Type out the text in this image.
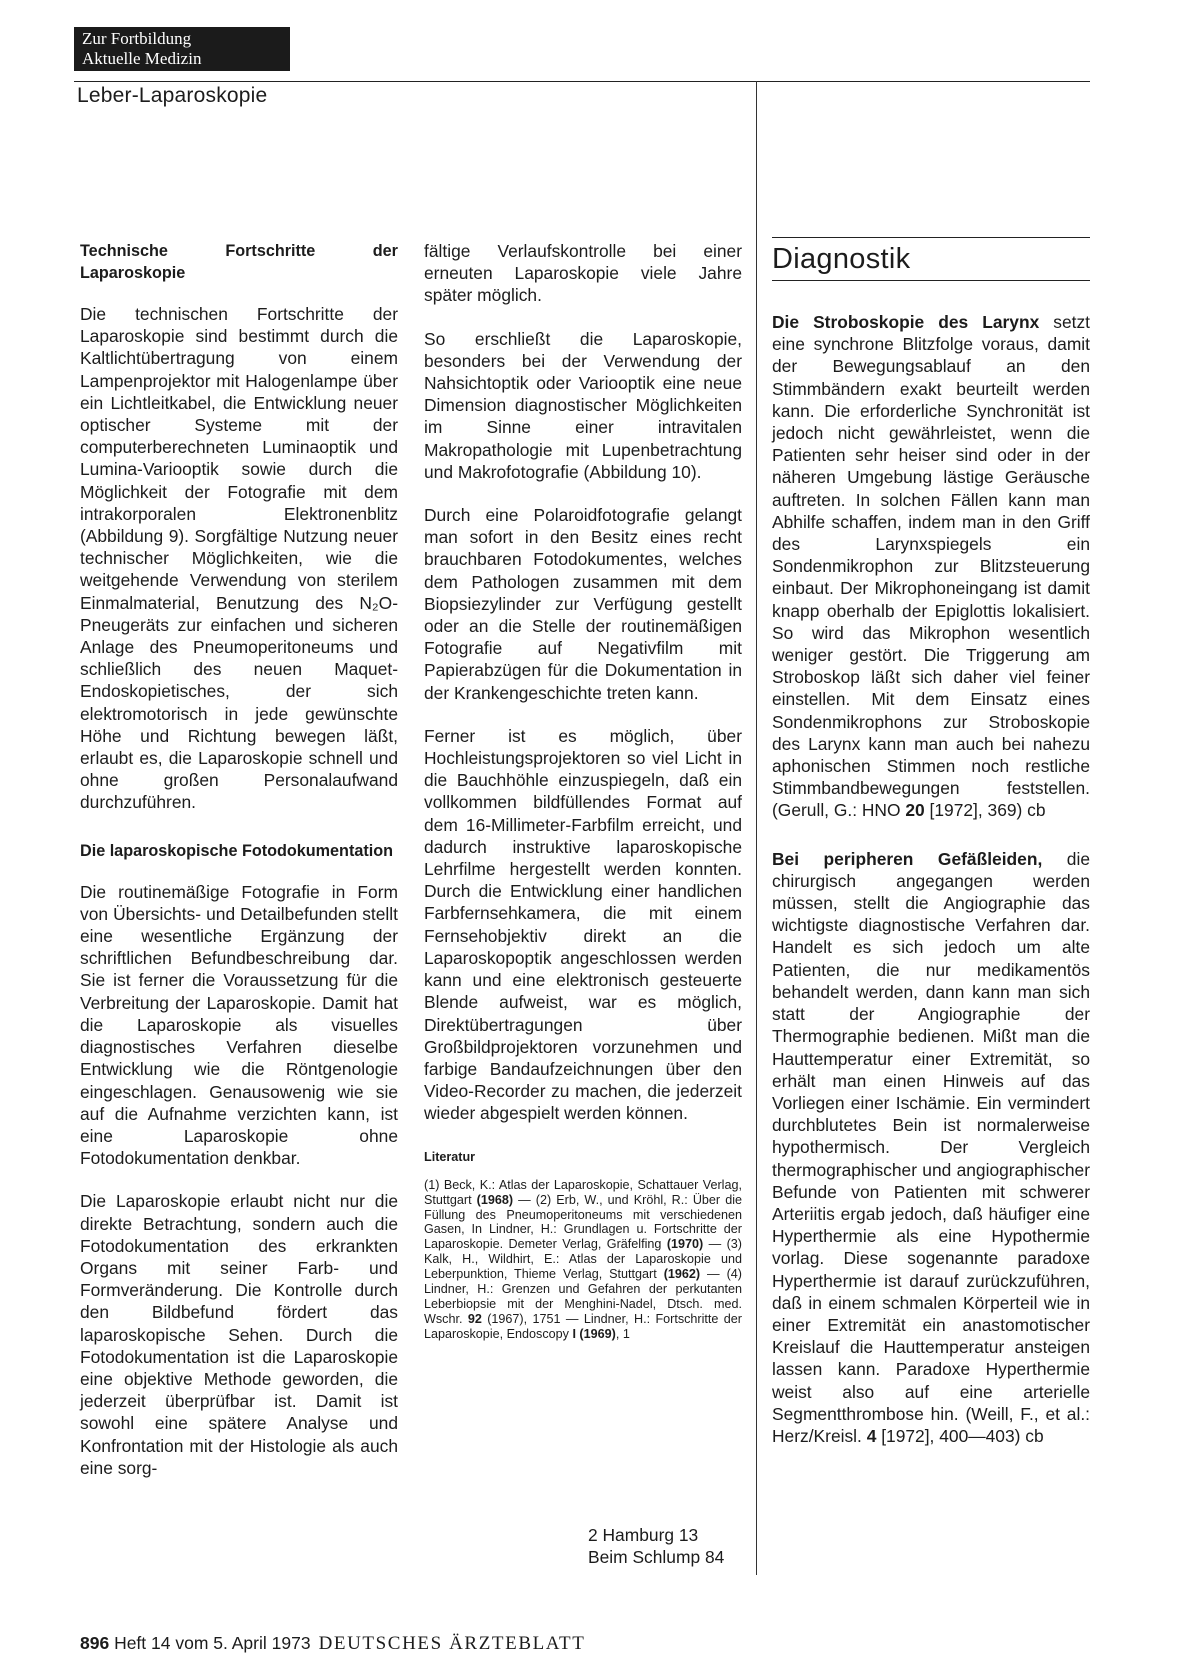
Zur Fortbildung
Aktuelle Medizin
Leber-Laparoskopie
Technische Fortschritte der Laparoskopie

Die technischen Fortschritte der Laparoskopie sind bestimmt durch die Kaltlichtübertragung von einem Lampenprojektor mit Halogenlampe über ein Lichtleitkabel, die Entwicklung neuer optischer Systeme mit der computerberechneten Luminaoptik und Lumina-Variooptik sowie durch die Möglichkeit der Fotografie mit dem intrakorporalen Elektronenblitz (Abbildung 9). Sorgfältige Nutzung neuer technischer Möglichkeiten, wie die weitgehende Verwendung von sterilem Einmalmaterial, Benutzung des N₂O-Pneugeräts zur einfachen und sicheren Anlage des Pneumoperitoneums und schließlich des neuen Maquet-Endoskopietisches, der sich elektromotorisch in jede gewünschte Höhe und Richtung bewegen läßt, erlaubt es, die Laparoskopie schnell und ohne großen Personalaufwand durchzuführen.

Die laparoskopische Fotodokumentation

Die routinemäßige Fotografie in Form von Übersichts- und Detailbefunden stellt eine wesentliche Ergänzung der schriftlichen Befundbeschreibung dar. Sie ist ferner die Voraussetzung für die Verbreitung der Laparoskopie. Damit hat die Laparoskopie als visuelles diagnostisches Verfahren dieselbe Entwicklung wie die Röntgenologie eingeschlagen. Genausowenig wie sie auf die Aufnahme verzichten kann, ist eine Laparoskopie ohne Fotodokumentation denkbar.

Die Laparoskopie erlaubt nicht nur die direkte Betrachtung, sondern auch die Fotodokumentation des erkrankten Organs mit seiner Farb- und Formveränderung. Die Kontrolle durch den Bildbefund fördert das laparoskopische Sehen. Durch die Fotodokumentation ist die Laparoskopie eine objektive Methode geworden, die jederzeit überprüfbar ist. Damit ist sowohl eine spätere Analyse und Konfrontation mit der Histologie als auch eine sorg-

fältige Verlaufskontrolle bei einer erneuten Laparoskopie viele Jahre später möglich.

So erschließt die Laparoskopie, besonders bei der Verwendung der Nahsichtoptik oder Variooptik eine neue Dimension diagnostischer Möglichkeiten im Sinne einer intravitalen Makropathologie mit Lupenbetrachtung und Makrofotografie (Abbildung 10).

Durch eine Polaroidfotografie gelangt man sofort in den Besitz eines recht brauchbaren Fotodokumentes, welches dem Pathologen zusammen mit dem Biopsiezylinder zur Verfügung gestellt oder an die Stelle der routinemäßigen Fotografie auf Negativfilm mit Papierabzügen für die Dokumentation in der Krankengeschichte treten kann.

Ferner ist es möglich, über Hochleistungsprojektoren so viel Licht in die Bauchhöhle einzuspiegeln, daß ein vollkommen bildfüllendes Format auf dem 16-Millimeter-Farbfilm erreicht, und dadurch instruktive laparoskopische Lehrfilme hergestellt werden konnten. Durch die Entwicklung einer handlichen Farbfernsehkamera, die mit einem Fernsehobjektiv direkt an die Laparoskopoptik angeschlossen werden kann und eine elektronisch gesteuerte Blende aufweist, war es möglich, Direktübertragungen über Großbildprojektoren vorzunehmen und farbige Bandaufzeichnungen über den Video-Recorder zu machen, die jederzeit wieder abgespielt werden können.

Literatur

(1) Beck, K.: Atlas der Laparoskopie, Schattauer Verlag, Stuttgart (1968) — (2) Erb, W., und Kröhl, R.: Über die Füllung des Pneumoperitoneums mit verschiedenen Gasen, In Lindner, H.: Grundlagen u. Fortschritte der Laparoskopie. Demeter Verlag, Gräfelfing (1970) — (3) Kalk, H., Wildhirt, E.: Atlas der Laparoskopie und Leberpunktion, Thieme Verlag, Stuttgart (1962) — (4) Lindner, H.: Grenzen und Gefahren der perkutanten Leberbiopsie mit der Menghini-Nadel, Dtsch. med. Wschr. 92 (1967), 1751 — Lindner, H.: Fortschritte der Laparoskopie, Endoscopy I (1969), 1

2 Hamburg 13
Beim Schlump 84
Diagnostik

Die Stroboskopie des Larynx setzt eine synchrone Blitzfolge voraus, damit der Bewegungsablauf an den Stimmbändern exakt beurteilt werden kann. Die erforderliche Synchronität ist jedoch nicht gewährleistet, wenn die Patienten sehr heiser sind oder in der näheren Umgebung lästige Geräusche auftreten. In solchen Fällen kann man Abhilfe schaffen, indem man in den Griff des Larynxspiegels ein Sondenmikrophon zur Blitzsteuerung einbaut. Der Mikrophoneingang ist damit knapp oberhalb der Epiglottis lokalisiert. So wird das Mikrophon wesentlich weniger gestört. Die Triggerung am Stroboskop läßt sich daher viel feiner einstellen. Mit dem Einsatz eines Sondenmikrophons zur Stroboskopie des Larynx kann man auch bei nahezu aphonischen Stimmen noch restliche Stimmbandbewegungen feststellen. (Gerull, G.: HNO 20 [1972], 369) cb

Bei peripheren Gefäßleiden, die chirurgisch angegangen werden müssen, stellt die Angiographie das wichtigste diagnostische Verfahren dar. Handelt es sich jedoch um alte Patienten, die nur medikamentös behandelt werden, dann kann man sich statt der Angiographie der Thermographie bedienen. Mißt man die Hauttemperatur einer Extremität, so erhält man einen Hinweis auf das Vorliegen einer Ischämie. Ein vermindert durchblutetes Bein ist normalerweise hypothermisch. Der Vergleich thermographischer und angiographischer Befunde von Patienten mit schwerer Arteriitis ergab jedoch, daß häufiger eine Hyperthermie als eine Hypothermie vorlag. Diese sogenannte paradoxe Hyperthermie ist darauf zurückzuführen, daß in einem schmalen Körperteil wie in einer Extremität ein anastomotischer Kreislauf die Hauttemperatur ansteigen lassen kann. Paradoxe Hyperthermie weist also auf eine arterielle Segmentthrombose hin. (Weill, F., et al.: Herz/Kreisl. 4 [1972], 400—403) cb

896 Heft 14 vom 5. April 1973 DEUTSCHES ÄRZTEBLATT
